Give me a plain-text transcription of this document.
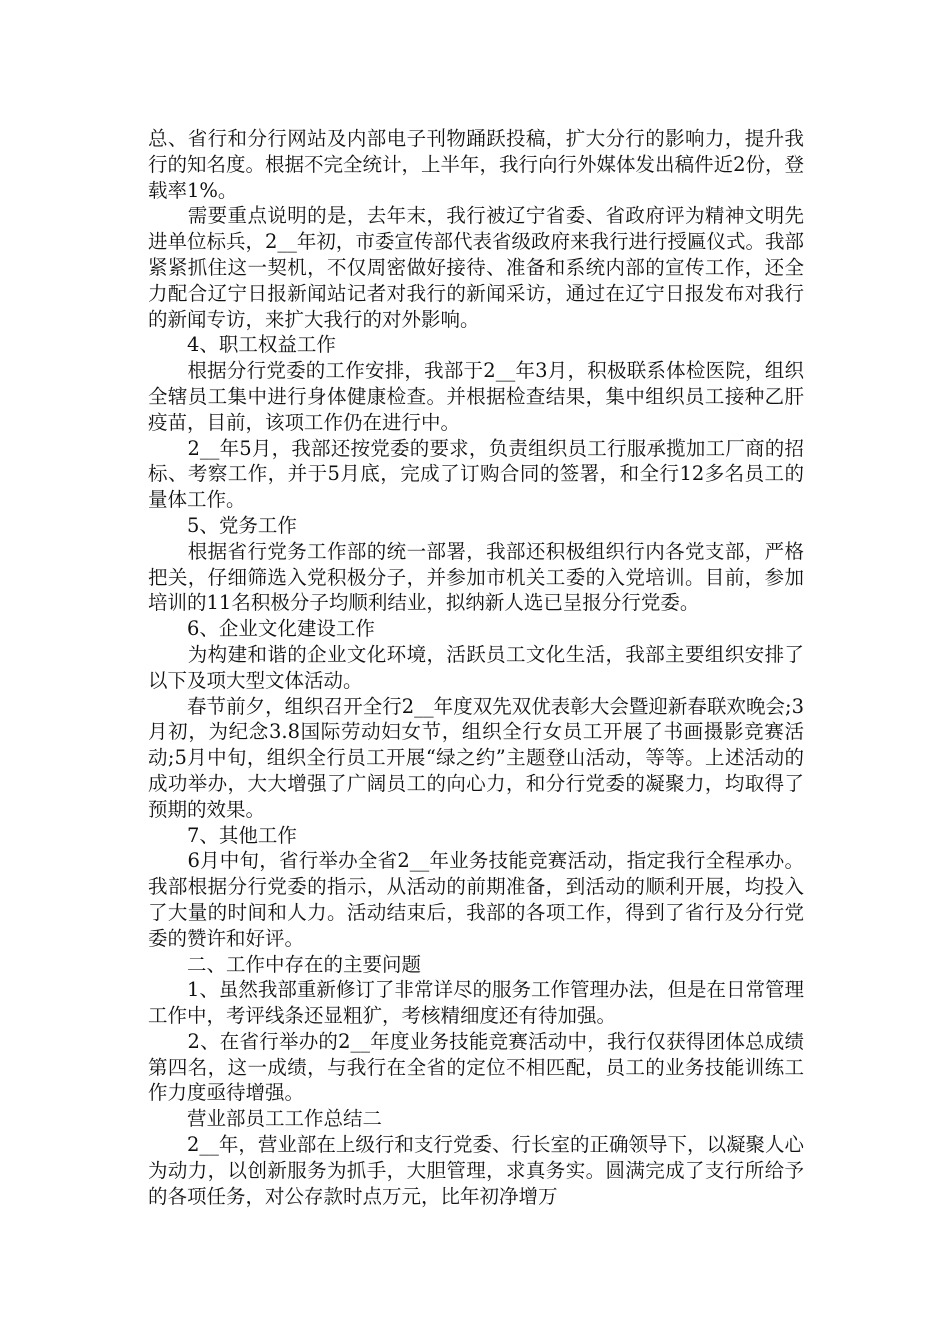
总、省行和分行网站及内部电子刊物踊跃投稿，扩大分行的影响力，提升我行的知名度。根据不完全统计，上半年，我行向行外媒体发出稿件近2份，登载率1%。

　　需要重点说明的是，去年末，我行被辽宁省委、省政府评为精神文明先进单位标兵，2__年初，市委宣传部代表省级政府来我行进行授匾仪式。我部紧紧抓住这一契机，不仅周密做好接待、准备和系统内部的宣传工作，还全力配合辽宁日报新闻站记者对我行的新闻采访，通过在辽宁日报发布对我行的新闻专访，来扩大我行的对外影响。

　　4、职工权益工作

　　根据分行党委的工作安排，我部于2__年3月，积极联系体检医院，组织全辖员工集中进行身体健康检查。并根据检查结果，集中组织员工接种乙肝疫苗，目前，该项工作仍在进行中。

　　2__年5月，我部还按党委的要求，负责组织员工行服承揽加工厂商的招标、考察工作，并于5月底，完成了订购合同的签署，和全行12多名员工的量体工作。

　　5、党务工作

　　根据省行党务工作部的统一部署，我部还积极组织行内各党支部，严格把关，仔细筛选入党积极分子，并参加市机关工委的入党培训。目前，参加培训的11名积极分子均顺利结业，拟纳新人选已呈报分行党委。

　　6、企业文化建设工作

　　为构建和谐的企业文化环境，活跃员工文化生活，我部主要组织安排了以下及项大型文体活动。

　　春节前夕，组织召开全行2__年度双先双优表彰大会暨迎新春联欢晚会;3月初，为纪念3.8国际劳动妇女节，组织全行女员工开展了书画摄影竞赛活动;5月中旬，组织全行员工开展“绿之约”主题登山活动，等等。上述活动的成功举办，大大增强了广阔员工的向心力，和分行党委的凝聚力，均取得了预期的效果。

　　7、其他工作

　　6月中旬，省行举办全省2__年业务技能竞赛活动，指定我行全程承办。我部根据分行党委的指示，从活动的前期准备，到活动的顺利开展，均投入了大量的时间和人力。活动结束后，我部的各项工作，得到了省行及分行党委的赞许和好评。

　　二、工作中存在的主要问题

　　1、虽然我部重新修订了非常详尽的服务工作管理办法，但是在日常管理工作中，考评线条还显粗犷，考核精细度还有待加强。

　　2、在省行举办的2__年度业务技能竞赛活动中，我行仅获得团体总成绩第四名，这一成绩，与我行在全省的定位不相匹配，员工的业务技能训练工作力度亟待增强。

　　营业部员工工作总结二

　　2__年，营业部在上级行和支行党委、行长室的正确领导下，以凝聚人心为动力，以创新服务为抓手，大胆管理，求真务实。圆满完成了支行所给予的各项任务，对公存款时点万元，比年初净增万
